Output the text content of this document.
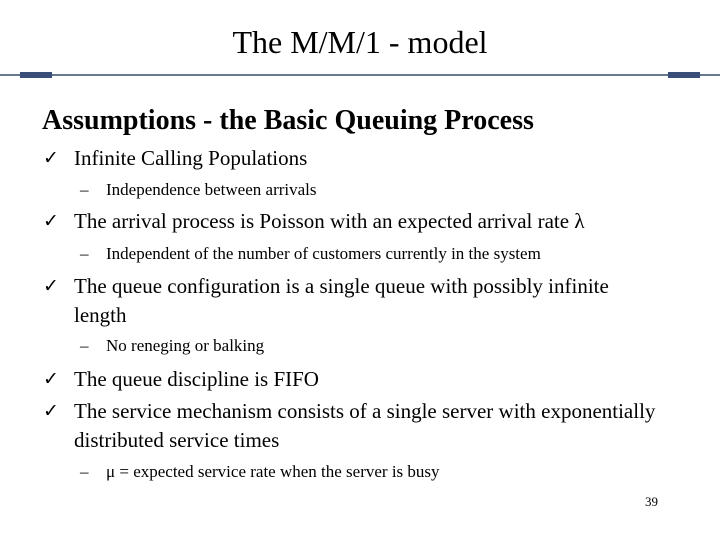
The M/M/1 - model
Assumptions - the Basic Queuing Process
✓ Infinite Calling Populations
– Independence between arrivals
✓ The arrival process is Poisson with an expected arrival rate λ
– Independent of the number of customers currently in the system
✓ The queue configuration is a single queue with possibly infinite length
– No reneging or balking
✓ The queue discipline is FIFO
✓ The service mechanism consists of a single server with exponentially distributed service times
– μ = expected service rate when the server is busy
39
